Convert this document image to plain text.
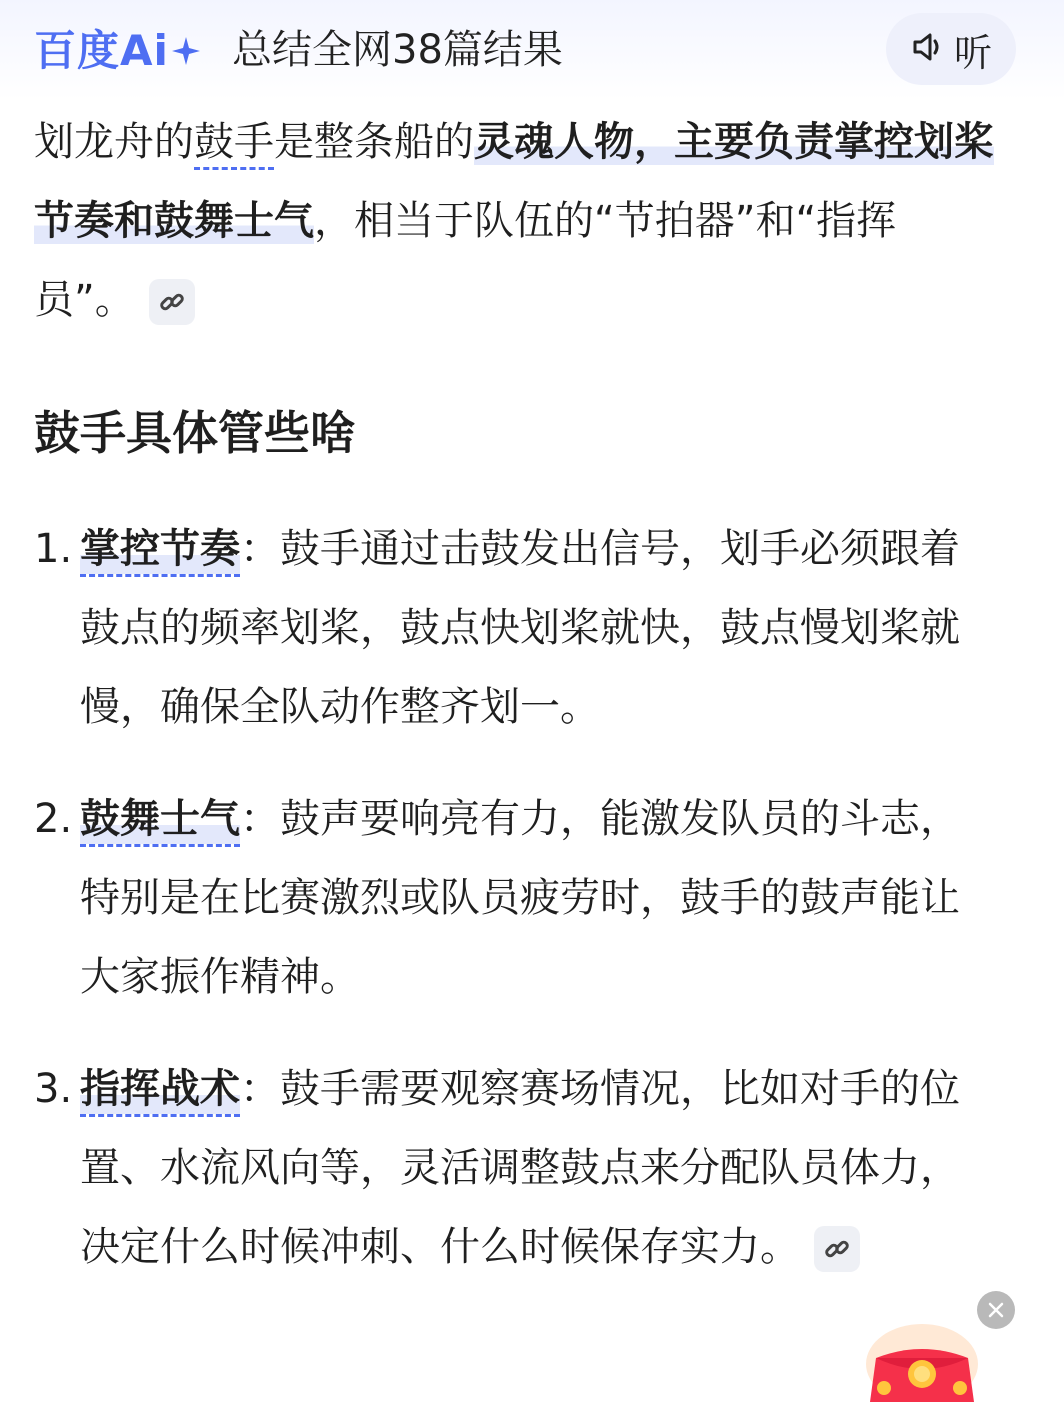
百度Ai 总结全网38篇结果	听

划龙舟的鼓手是整条船的灵魂人物，主要负责掌控划桨节奏和鼓舞士气，相当于队伍的“节拍器”和“指挥员”。

鼓手具体管些啥
1. 掌控节奏：鼓手通过击鼓发出信号，划手必须跟着鼓点的频率划桨，鼓点快划桨就快，鼓点慢划桨就慢，确保全队动作整齐划一。
2. 鼓舞士气：鼓声要响亮有力，能激发队员的斗志，特别是在比赛激烈或队员疲劳时，鼓手的鼓声能让大家振作精神。
3. 指挥战术：鼓手需要观察赛场情况，比如对手的位置、水流风向等，灵活调整鼓点来分配队员体力，决定什么时候冲刺、什么时候保存实力。
